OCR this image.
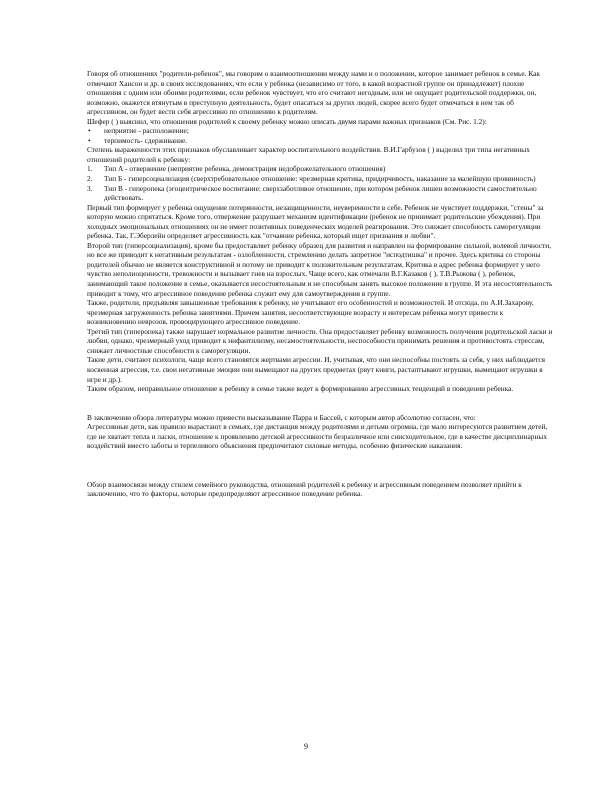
Говоря об отношениях "родители-ребенок", мы говорим о взаимоотношении между нами и о положении, которое занимает ребенок в семье. Как отмечают Хансон и др. в своих исследованиях, что если у ребенка (независимо от того, в какой возрастной группе он принадлежит) плохие отношения с одним или обоими родителями, если ребенок чувствует, что его считают негодным, или не ощущает родительской поддержки, он, возможно, окажется втянутым в преступную деятельность, будет опасаться за других людей, скорее всего будет отмечаться в нем так об агрессивном, он будет вести себя агрессивно по отношению к родителям.

Шефер ( ) выяснил, что отношения родителей к своему ребенку можно описать двумя парами важных признаков (См. Рис. 1.2):

• неприятие - расположение;
• терпимость- сдерживание.

Степень выраженности этих признаков обуславливает характер воспитательного воздействия. В.И.Гарбузов ( ) выделил три типа негативных отношений родителей к ребенку:

1. Тип А - отвержение (неприятие ребенка, демонстрация недоброжелательного отношения)
2. Тип Б - гиперсоциализация (сверхтребовательное отношение: чрезмерная критика, придирчивость, наказание за малейшую провинность)
3. Тип В - гиперопека (эгоцентрическое воспитание: сверхзаботливое отношение, при котором ребенок лишен возможности самостоятельно действовать.

Первый тип формирует у ребенка ощущение потерянности, незащищенности, неуверенности в себе. Ребенок не чувствует поддержки, "стены" за которую можно спрятаться. Кроме того, отвержение разрушает механизм идентификации (ребенок не принимает родительские убеждения). При холодных эмоциональных отношениях он не имеет позитивных поведенческих моделей реагирования. Это снижает способность саморегуляции ребенка. Так, Г.Эберлейн определяет агрессивность как "отчаяние ребенка, который ищет признания и любви".

Второй тип (гиперсоциализация), кроме бы предоставляет ребенку образец для развития и направлен на формирование сильной, волевой личности, но все же приводит к негативным результатам - озлобленности, стремлению делать запретное "исподтишка" и прочее. Здесь критика со стороны родителей обычно не является конструктивной и потому не приводит к положительным результатам. Критика в адрес ребенка формирует у него чувство неполноценности, тревожности и вызывает гнев на взрослых. Чаще всего, как отмечали В.Г.Казаков ( ), Т.В.Рыжова ( ), ребенок, занимающий такое положение в семье, оказывается несостоятельным и не способным занять высокое положение в группе. И эта несостоятельность приводит к тому, что агрессивное поведение ребенка служит ему для самоутверждения в группе.

Также, родители, предъявляя завышенные требования к ребенку, не учитывают его особенностей и возможностей. И отсюда, по А.И.Захарову, чрезмерная загруженность ребенка занятиями. Причем занятия, несоответствующие возрасту и интересам ребенка могут привести к возникновению неврозов, провоцирующего агрессивное поведение.

Третий тип (гиперопека) также нарушает нормальное развитие личности. Она предоставляет ребенку возможность получения родительской ласки и любви, однако, чрезмерный уход приводит к инфантилизму, несамостоятельности, неспособности принимать решения и противостоять стрессам, снижает личностные способности к саморегуляции.

Такие дети, считают психологи, чаще всего становятся жертвами агрессии. И, учитывая, что они неспособны постоять за себя, у них наблюдается косвенная агрессия, т.е. свои негативные эмоции они вымещают на других предметах (рвут книги, растаптывают игрушки, вымещают игрушки в игре и др.).

Таким образом, неправильное отношение к ребенку в семье также ведет к формированию агрессивных тенденций в поведении ребенка.

В заключении обзора литературы можно привести высказывание Парра и Бассей, с которым автор абсолютно согласен, что:

Агрессивные дети, как правило вырастают в семьях, где дистанция между родителями и детьми огромна, где мало интересуются развитием детей, где не хватает тепла и ласки, отношение к проявлению детской агрессивности безразличное или снисходительное, где в качестве дисциплинарных воздействий вместо заботы и терпеливого объяснения предпочитают силовые методы, особенно физические наказания.

Обзор взаимосвязи между стилем семейного руководства, отношений родителей к ребенку и агрессивным поведением позволяет прийти к заключению, что то факторы, которые предопределяют агрессивное поведение ребенка.

9
